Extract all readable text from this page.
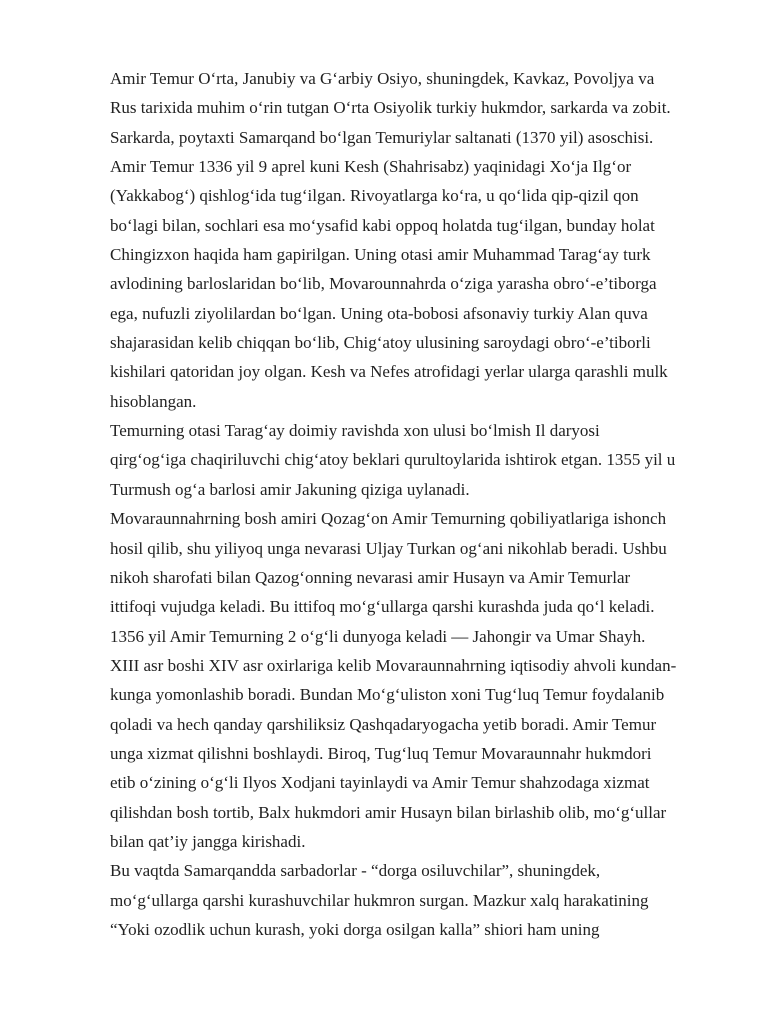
Amir Temur O‘rta, Janubiy va G‘arbiy Osiyo, shuningdek, Kavkaz, Povoljya va
Rus tarixida muhim o‘rin tutgan O‘rta Osiyolik turkiy hukmdor, sarkarda va zobit.
Sarkarda, poytaxti Samarqand bo‘lgan Temuriylar saltanati (1370 yil) asoschisi.
Amir Temur 1336 yil 9 aprel kuni Kesh (Shahrisabz) yaqinidagi Xo‘ja Ilg‘or
(Yakkabog‘) qishlog‘ida tug‘ilgan. Rivoyatlarga ko‘ra, u qo‘lida qip-qizil qon
bo‘lagi bilan, sochlari esa mo‘ysafid kabi oppoq holatda tug‘ilgan, bunday holat
Chingizxon haqida ham gapirilgan. Uning otasi amir Muhammad Tarag‘ay turk
avlodining barloslaridan bo‘lib, Movarounnahrda o‘ziga yarasha obro‘-e’tiborga
ega, nufuzli ziyolilardan bo‘lgan. Uning ota-bobosi afsonaviy turkiy Alan quva
shajarasidan kelib chiqqan bo‘lib, Chig‘atoy ulusining saroydagi obro‘-e’tiborli
kishilari qatoridan joy olgan. Kesh va Nefes atrofidagi yerlar ularga qarashli mulk
hisoblangan.

Temurning otasi Tarag‘ay doimiy ravishda xon ulusi bo‘lmish Il daryosi
qirg‘og‘iga chaqiriluvchi chig‘atoy beklari qurultoylarida ishtirok etgan. 1355 yil u
Turmush og‘a barlosi amir Jakuning qiziga uylanadi.

Movaraunnahrning bosh amiri Qozag‘on Amir Temurning qobiliyatlariga ishonch
hosil qilib, shu yiliyoq unga nevarasi Uljay Turkan og‘ani nikohlab beradi. Ushbu
nikoh sharofati bilan Qazog‘onning nevarasi amir Husayn va Amir Temurlar
ittifoqi vujudga keladi. Bu ittifoq mo‘g‘ullarga qarshi kurashda juda qo‘l keladi.
1356 yil Amir Temurning 2 o‘g‘li dunyoga keladi — Jahongir va Umar Shayh.

XIII asr boshi XIV asr oxirlariga kelib Movaraunnahrning iqtisodiy ahvoli kundan-
kunga yomonlashib boradi. Bundan Mo‘g‘uliston xoni Tug‘luq Temur foydalanib
qoladi va hech qanday qarshiliksiz Qashqadaryogacha yetib boradi. Amir Temur
unga xizmat qilishni boshlaydi. Biroq, Tug‘luq Temur Movaraunnahr hukmdori
etib o‘zining o‘g‘li Ilyos Xodjani tayinlaydi va Amir Temur shahzodaga xizmat
qilishdan bosh tortib, Balx hukmdori amir Husayn bilan birlashib olib, mo‘g‘ullar
bilan qat’iy jangga kirishadi.

Bu vaqtda Samarqandda sarbadorlar - “dorga osiluvchilar”, shuningdek,
mo‘g‘ullarga qarshi kurashuvchilar hukmron surgan. Mazkur xalq harakatining
“Yoki ozodlik uchun kurash, yoki dorga osilgan kalla” shiori ham uning
